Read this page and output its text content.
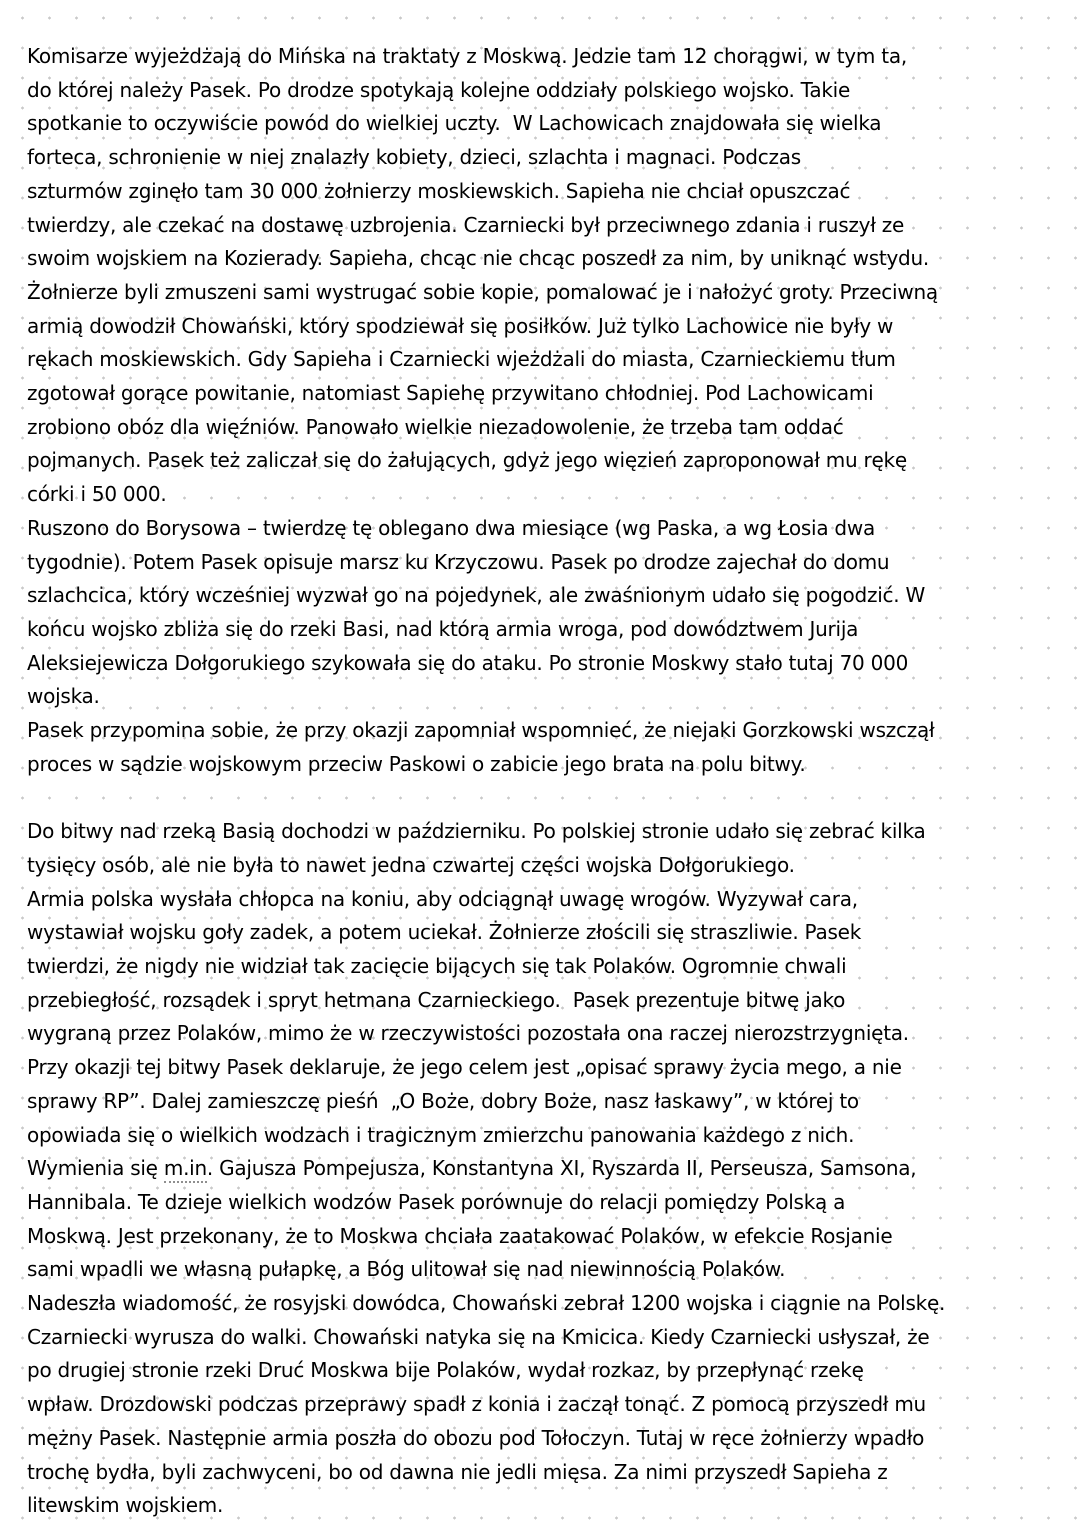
Komisarze wyjeżdżają do Mińska na traktaty z Moskwą. Jedzie tam 12 chorągwi, w tym ta,
do której należy Pasek. Po drodze spotykają kolejne oddziały polskiego wojsko. Takie
spotkanie to oczywiście powód do wielkiej uczty.  W Lachowicach znajdowała się wielka
forteca, schronienie w niej znalazły kobiety, dzieci, szlachta i magnaci. Podczas
szturmów zginęło tam 30 000 żołnierzy moskiewskich. Sapieha nie chciał opuszczać
twierdzy, ale czekać na dostawę uzbrojenia. Czarniecki był przeciwnego zdania i ruszył ze
swoim wojskiem na Kozierady. Sapieha, chcąc nie chcąc poszedł za nim, by uniknąć wstydu.
Żołnierze byli zmuszeni sami wystrugać sobie kopie, pomalować je i nałożyć groty. Przeciwną
armią dowodził Chowański, który spodziewał się posiłków. Już tylko Lachowice nie były w
rękach moskiewskich. Gdy Sapieha i Czarniecki wjeżdżali do miasta, Czarnieckiemu tłum
zgotował gorące powitanie, natomiast Sapiehę przywitano chłodniej. Pod Lachowicami
zrobiono obóz dla więźniów. Panowało wielkie niezadowolenie, że trzeba tam oddać
pojmanych. Pasek też zaliczał się do żałujących, gdyż jego więzień zaproponował mu rękę
córki i 50 000.
Ruszono do Borysowa – twierdzę tę oblegano dwa miesiące (wg Paska, a wg Łosia dwa
tygodnie). Potem Pasek opisuje marsz ku Krzyczowu. Pasek po drodze zajechał do domu
szlachcica, który wcześniej wyzwał go na pojedynek, ale zwaśnionym udało się pogodzić. W
końcu wojsko zbliża się do rzeki Basi, nad którą armia wroga, pod dowództwem Jurija
Aleksiejewicza Dołgorukiego szykowała się do ataku. Po stronie Moskwy stało tutaj 70 000
wojska.
Pasek przypomina sobie, że przy okazji zapomniał wspomnieć, że niejaki Gorzkowski wszczął
proces w sądzie wojskowym przeciw Paskowi o zabicie jego brata na polu bitwy.

Do bitwy nad rzeką Basią dochodzi w październiku. Po polskiej stronie udało się zebrać kilka
tysięcy osób, ale nie była to nawet jedna czwartej części wojska Dołgorukiego.
Armia polska wysłała chłopca na koniu, aby odciągnął uwagę wrogów. Wyzywał cara,
wystawiał wojsku goły zadek, a potem uciekał. Żołnierze złościli się straszliwie. Pasek
twierdzi, że nigdy nie widział tak zacięcie bijących się tak Polaków. Ogromnie chwali
przebiegłość, rozsądek i spryt hetmana Czarnieckiego.  Pasek prezentuje bitwę jako
wygraną przez Polaków, mimo że w rzeczywistości pozostała ona raczej nierozstrzygnięta.
Przy okazji tej bitwy Pasek deklaruje, że jego celem jest „opisać sprawy życia mego, a nie
sprawy RP”. Dalej zamieszczę pieśń  „O Boże, dobry Boże, nasz łaskawy”, w której to
opowiada się o wielkich wodzach i tragicznym zmierzchu panowania każdego z nich.
Wymienia się m.in. Gajusza Pompejusza, Konstantyna XI, Ryszarda II, Perseusza, Samsona,
Hannibala. Te dzieje wielkich wodzów Pasek porównuje do relacji pomiędzy Polską a
Moskwą. Jest przekonany, że to Moskwa chciała zaatakować Polaków, w efekcie Rosjanie
sami wpadli we własną pułapkę, a Bóg ulitował się nad niewinnością Polaków.
Nadeszła wiadomość, że rosyjski dowódca, Chowański zebrał 1200 wojska i ciągnie na Polskę.
Czarniecki wyrusza do walki. Chowański natyka się na Kmicica. Kiedy Czarniecki usłyszał, że
po drugiej stronie rzeki Druć Moskwa bije Polaków, wydał rozkaz, by przepłynąć rzekę
wpław. Drozdowski podczas przeprawy spadł z konia i zaczął tonąć. Z pomocą przyszedł mu
mężny Pasek. Następnie armia poszła do obozu pod Tołoczyn. Tutaj w ręce żołnierzy wpadło
trochę bydła, byli zachwyceni, bo od dawna nie jedli mięsa. Za nimi przyszedł Sapieha z
litewskim wojskiem.
